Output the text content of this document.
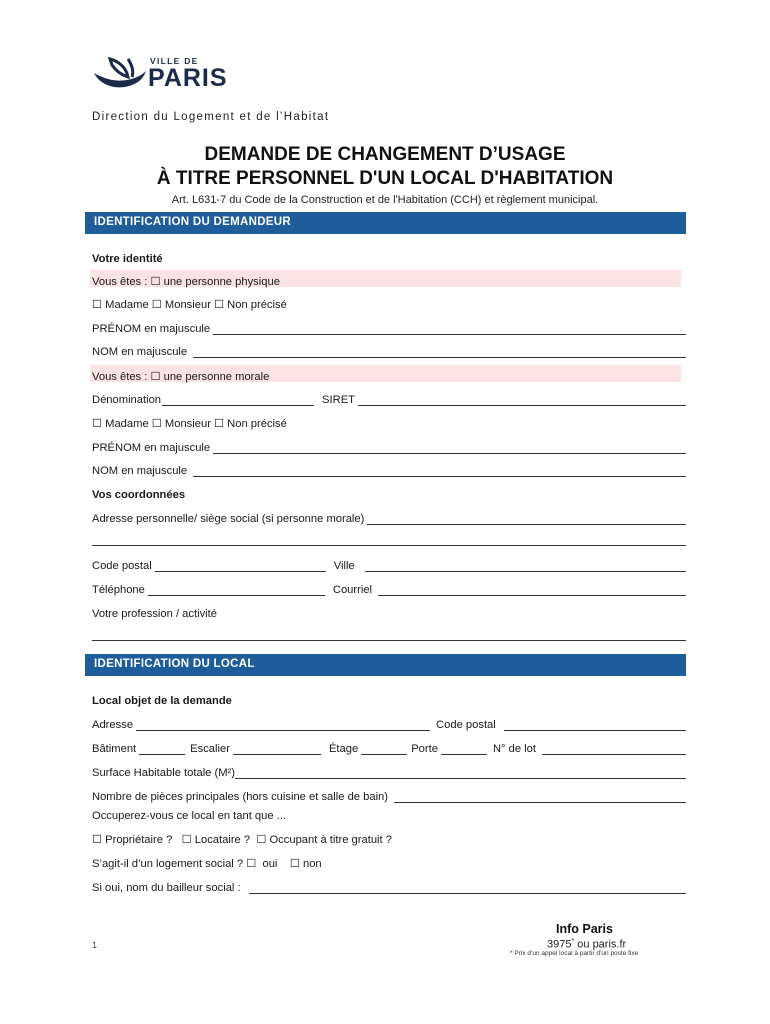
VILLE DE
PARIS
Direction du Logement et de l’Habitat
DEMANDE DE CHANGEMENT D’USAGE
À TITRE PERSONNEL D'UN LOCAL D'HABITATION
Art. L631-7 du Code de la Construction et de l'Habitation (CCH) et règlement municipal.
IDENTIFICATION DU DEMANDEUR
Votre identité
Vous êtes : ☐ une personne physique
☐ Madame ☐ Monsieur ☐ Non précisé
PRÉNOM en majuscule
NOM en majuscule
Vous êtes : ☐ une personne morale
Dénomination	SIRET
☐ Madame ☐ Monsieur ☐ Non précisé
PRÉNOM en majuscule
NOM en majuscule
Vos coordonnées
Adresse personnelle/ siège social (si personne morale)
Code postal	Ville
Téléphone	Courriel
Votre profession / activité
IDENTIFICATION DU LOCAL
Local objet de la demande
Adresse	Code postal
Bâtiment	Escalier	Étage	Porte	N° de lot
Surface Habitable totale (M²)
Nombre de pièces principales (hors cuisine et salle de bain)
Occuperez-vous ce local en tant que ...
☐ Propriétaire ?   ☐ Locataire ?  ☐ Occupant à titre gratuit ?
S’agit-il d’un logement social ? ☐  oui    ☐ non
Si oui, nom du bailleur social :
1
Info Paris
3975* ou paris.fr
* Prix d’un appel local à partir d’un poste fixe
